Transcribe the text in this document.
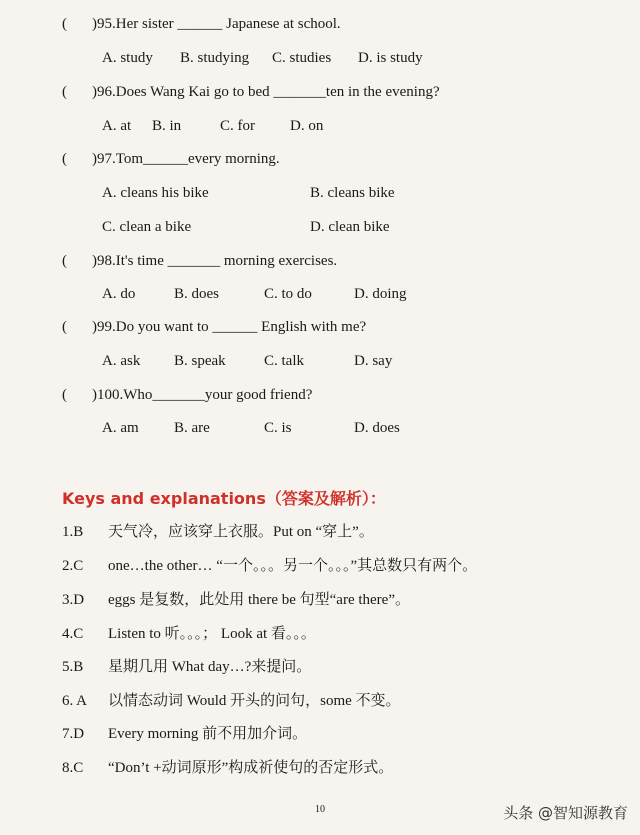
( )95.Her sister ______ Japanese at school.
A. study B. studying C. studies D. is study
( )96.Does Wang Kai go to bed _______ten in the evening?
A. at B. in	C. for D. on
( )97.Tom______every morning.
A. cleans his bike	B. cleans bike
C. clean a bike	D. clean bike
( )98.It's time _______ morning exercises.
A. do	B. does	C. to do	D. doing
( )99.Do you want to ______ English with me?
A. ask B. speak	C. talk	D. say
( )100.Who_______your good friend?
A. am B. are	C. is	D. does
Keys and explanations（答案及解析）：
1.B 天气冷，应该穿上衣服。Put on “穿上”。
2.C one…the other… “一个。。。另一个。。。”其总数只有两个。
3.D eggs 是复数，此处用 there be 句型“are there”。
4.C Listen to 听。。。； Look at 看。。。
5.B 星期几用 What day…?来提问。
6. A 以情态动词 Would 开头的问句，some 不变。
7.D Every morning 前不用加介词。
8.C “Don’t +动词原形”构成祈使句的否定形式。
10	头条 @智知源教育
